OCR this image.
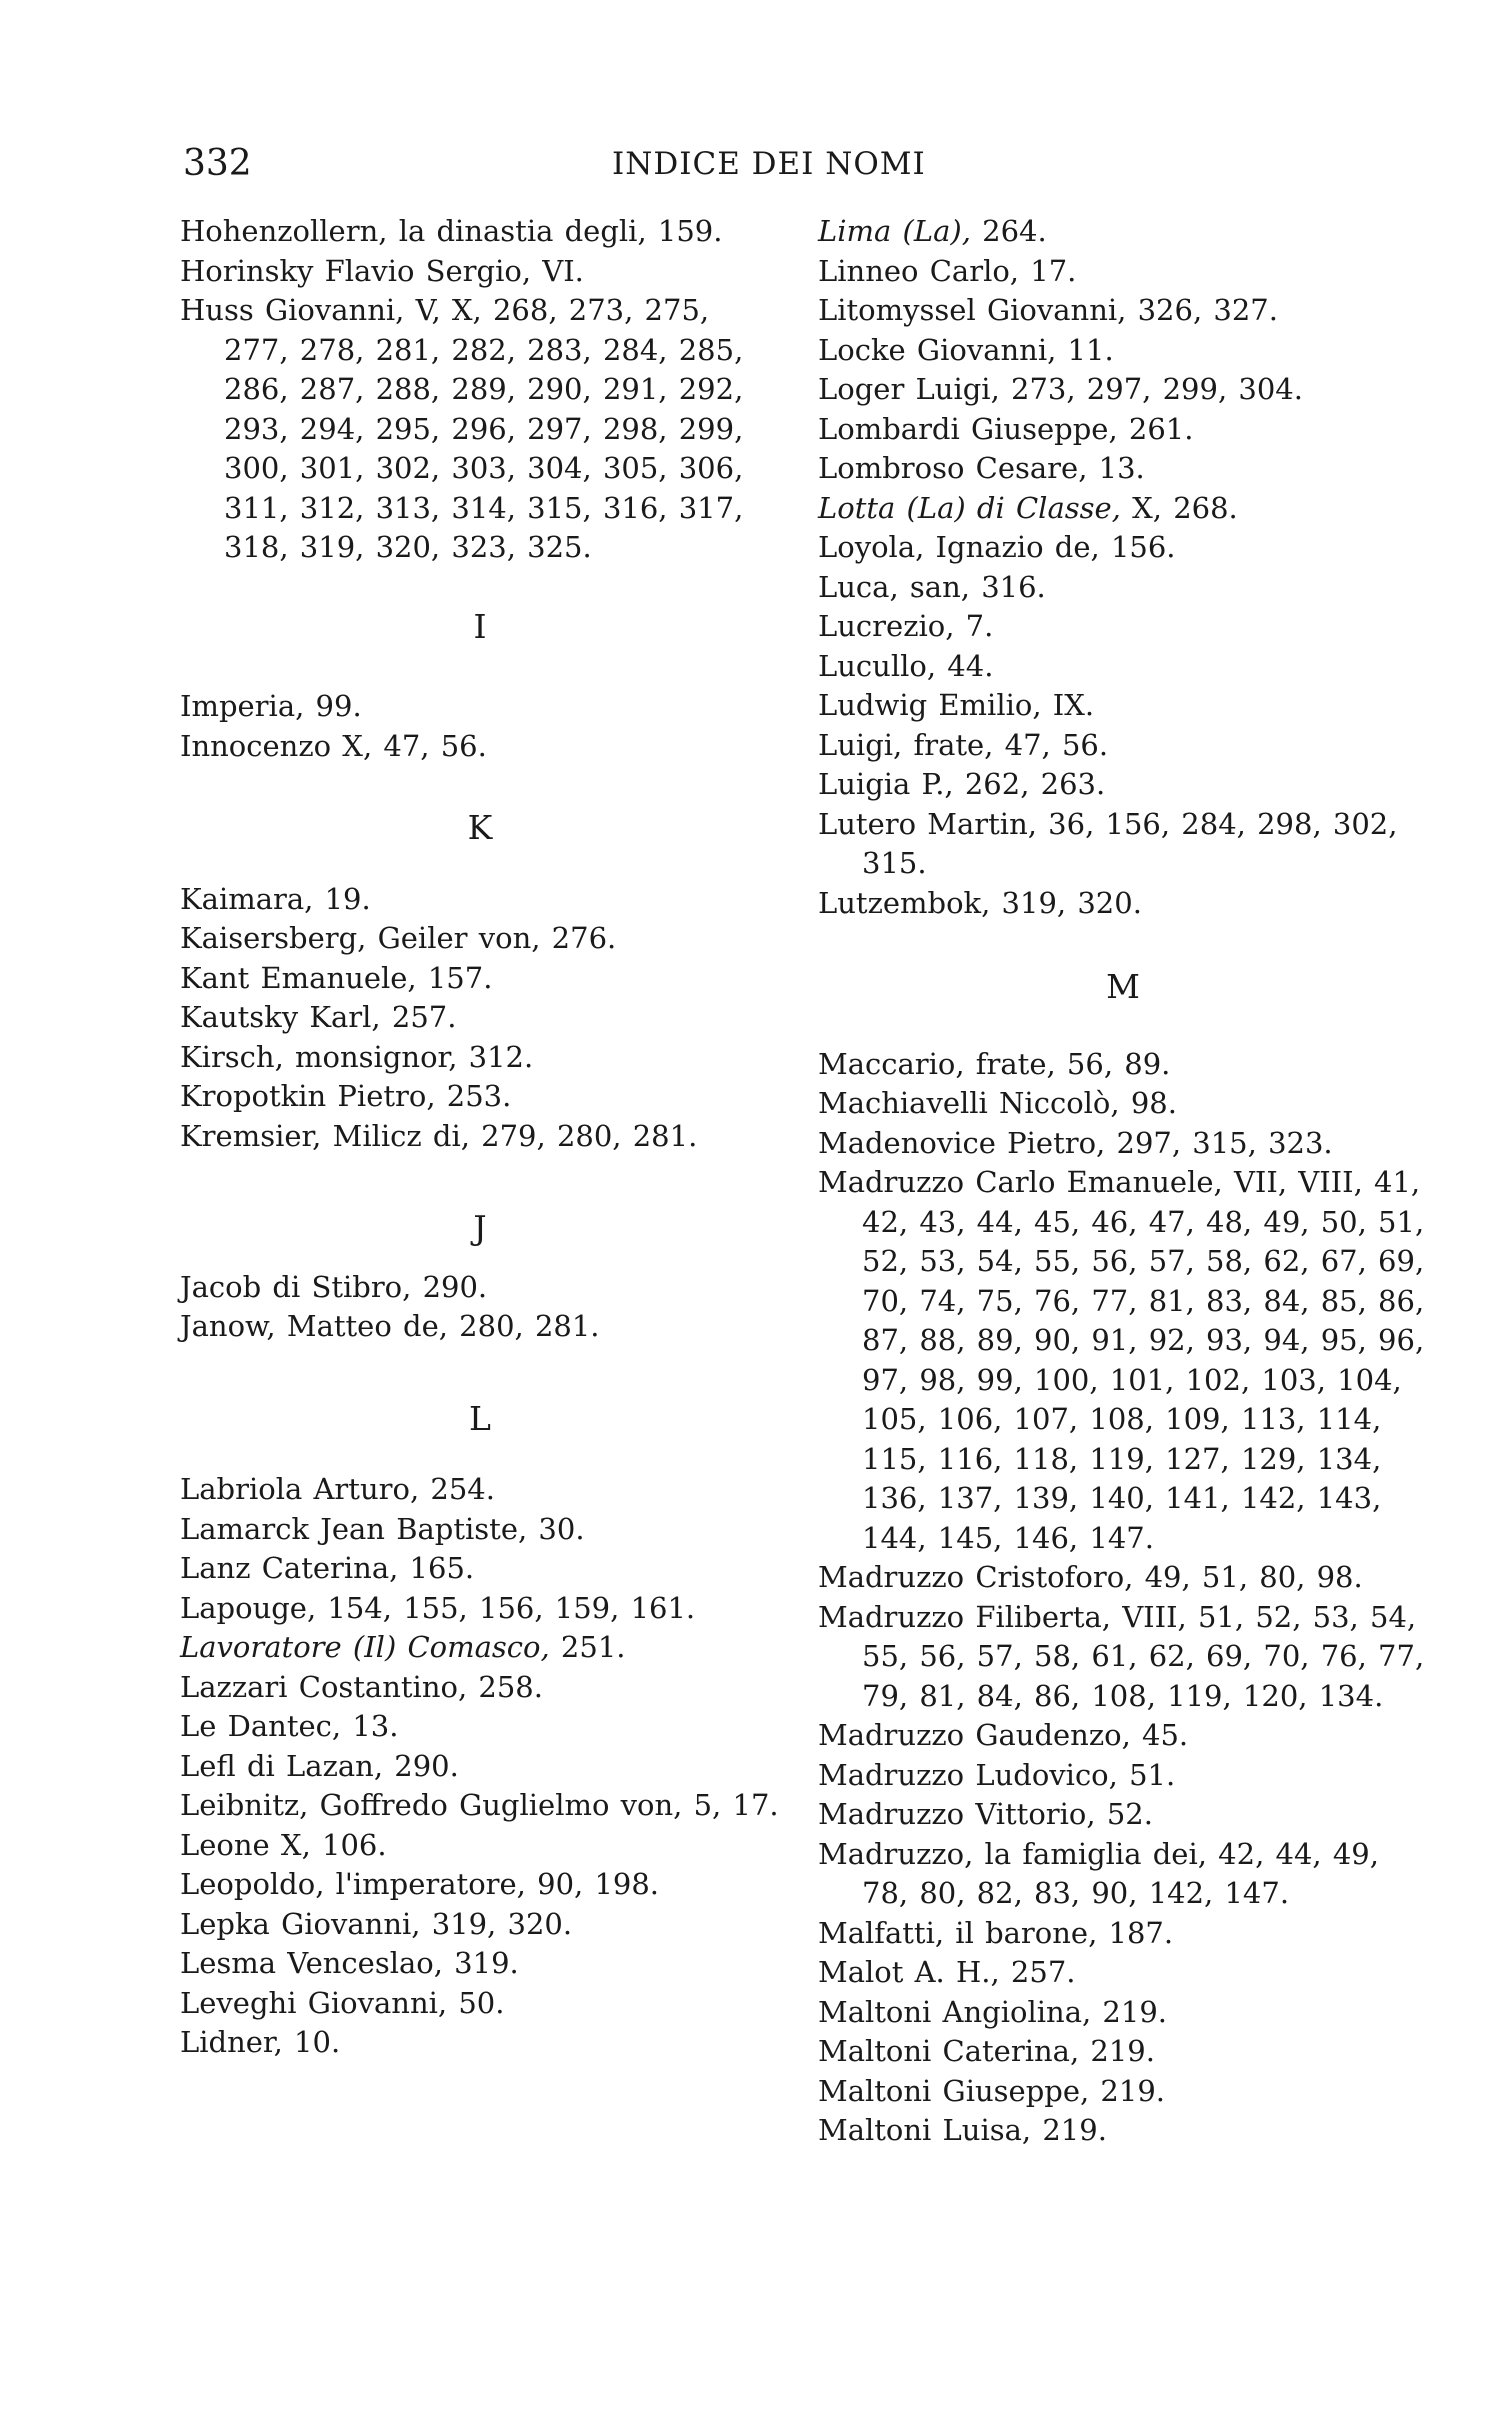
332	INDICE DEI NOMI

Hohenzollern, la dinastia degli, 159.

Horinsky Flavio Sergio, VI.

Huss Giovanni, V, X, 268, 273, 275, 277, 278, 281, 282, 283, 284, 285, 286, 287, 288, 289, 290, 291, 292, 293, 294, 295, 296, 297, 298, 299, 300, 301, 302, 303, 304, 305, 306, 311, 312, 313, 314, 315, 316, 317, 318, 319, 320, 323, 325.

I

Imperia, 99.

Innocenzo X, 47, 56.

K

Kaimara, 19.

Kaisersberg, Geiler von, 276.

Kant Emanuele, 157.

Kautsky Karl, 257.

Kirsch, monsignor, 312.

Kropotkin Pietro, 253.

Kremsier, Milicz di, 279, 280, 281.

J

Jacob di Stibro, 290.

Janow, Matteo de, 280, 281.

L

Labriola Arturo, 254.

Lamarck Jean Baptiste, 30.

Lanz Caterina, 165.

Lapouge, 154, 155, 156, 159, 161.

Lavoratore (Il) Comasco, 251.

Lazzari Costantino, 258.

Le Dantec, 13.

Lefl di Lazan, 290.

Leibnitz, Goffredo Guglielmo von, 5, 17.

Leone X, 106.

Leopoldo, l'imperatore, 90, 198.

Lepka Giovanni, 319, 320.

Lesma Venceslao, 319.

Leveghi Giovanni, 50.

Lidner, 10.

Lima (La), 264.

Linneo Carlo, 17.

Litomyssel Giovanni, 326, 327.

Locke Giovanni, 11.

Loger Luigi, 273, 297, 299, 304.

Lombardi Giuseppe, 261.

Lombroso Cesare, 13.

Lotta (La) di Classe, X, 268.

Loyola, Ignazio de, 156.

Luca, san, 316.

Lucrezio, 7.

Lucullo, 44.

Ludwig Emilio, IX.

Luigi, frate, 47, 56.

Luigia P., 262, 263.

Lutero Martin, 36, 156, 284, 298, 302, 315.

Lutzembok, 319, 320.

M

Maccario, frate, 56, 89.

Machiavelli Niccolò, 98.

Madenovice Pietro, 297, 315, 323.

Madruzzo Carlo Emanuele, VII, VIII, 41, 42, 43, 44, 45, 46, 47, 48, 49, 50, 51, 52, 53, 54, 55, 56, 57, 58, 62, 67, 69, 70, 74, 75, 76, 77, 81, 83, 84, 85, 86, 87, 88, 89, 90, 91, 92, 93, 94, 95, 96, 97, 98, 99, 100, 101, 102, 103, 104, 105, 106, 107, 108, 109, 113, 114, 115, 116, 118, 119, 127, 129, 134, 136, 137, 139, 140, 141, 142, 143, 144, 145, 146, 147.

Madruzzo Cristoforo, 49, 51, 80, 98.

Madruzzo Filiberta, VIII, 51, 52, 53, 54, 55, 56, 57, 58, 61, 62, 69, 70, 76, 77, 79, 81, 84, 86, 108, 119, 120, 134.

Madruzzo Gaudenzo, 45.

Madruzzo Ludovico, 51.

Madruzzo Vittorio, 52.

Madruzzo, la famiglia dei, 42, 44, 49, 78, 80, 82, 83, 90, 142, 147.

Malfatti, il barone, 187.

Malot A. H., 257.

Maltoni Angiolina, 219.

Maltoni Caterina, 219.

Maltoni Giuseppe, 219.

Maltoni Luisa, 219.
